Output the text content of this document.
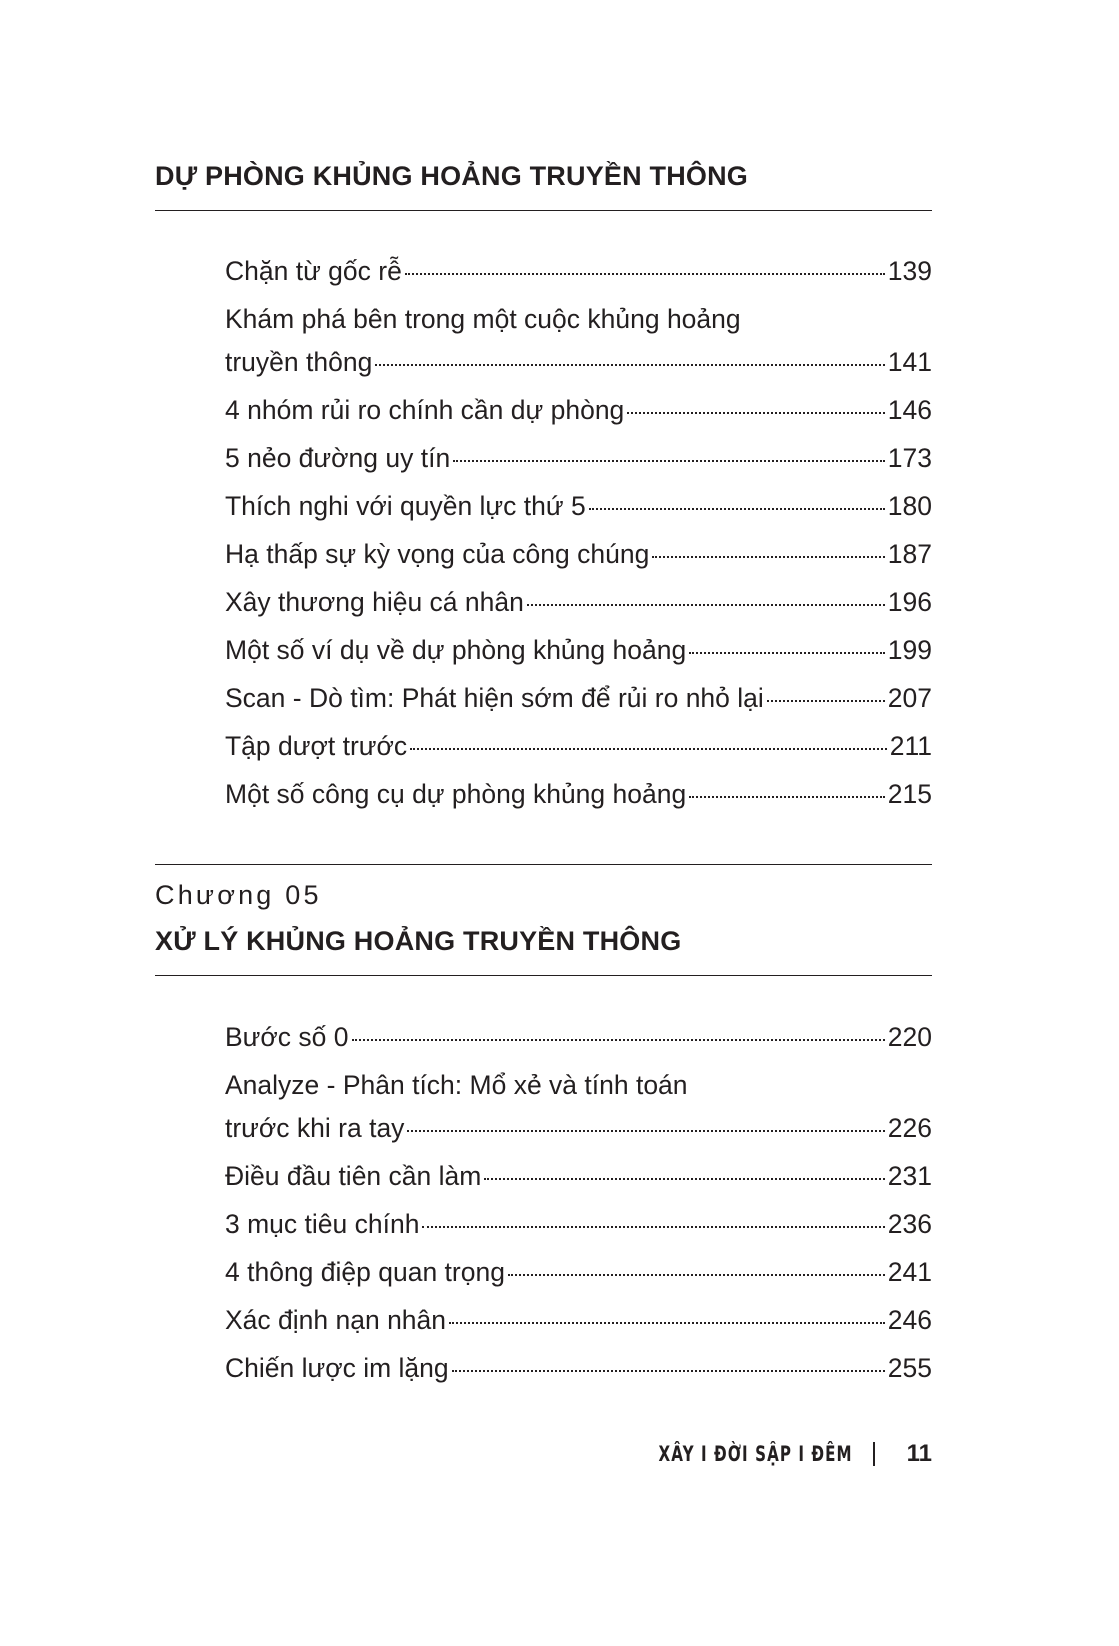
DỰ PHÒNG KHỦNG HOẢNG TRUYỀN THÔNG
Chặn từ gốc rễ	139
Khám phá bên trong một cuộc khủng hoảng
truyền thông	141
4 nhóm rủi ro chính cần dự phòng	146
5 nẻo đường uy tín	173
Thích nghi với quyền lực thứ 5	180
Hạ thấp sự kỳ vọng của công chúng	187
Xây thương hiệu cá nhân	196
Một số ví dụ về dự phòng khủng hoảng	199
Scan - Dò tìm: Phát hiện sớm để rủi ro nhỏ lại	207
Tập dượt trước	211
Một số công cụ dự phòng khủng hoảng	215
Chương 05
XỬ LÝ KHỦNG HOẢNG TRUYỀN THÔNG
Bước số 0	220
Analyze - Phân tích: Mổ xẻ và tính toán
trước khi ra tay	226
Điều đầu tiên cần làm	231
3 mục tiêu chính	236
4 thông điệp quan trọng	241
Xác định nạn nhân	246
Chiến lược im lặng	255
XÂY I ĐỜI SẬP I ĐÊM 11
